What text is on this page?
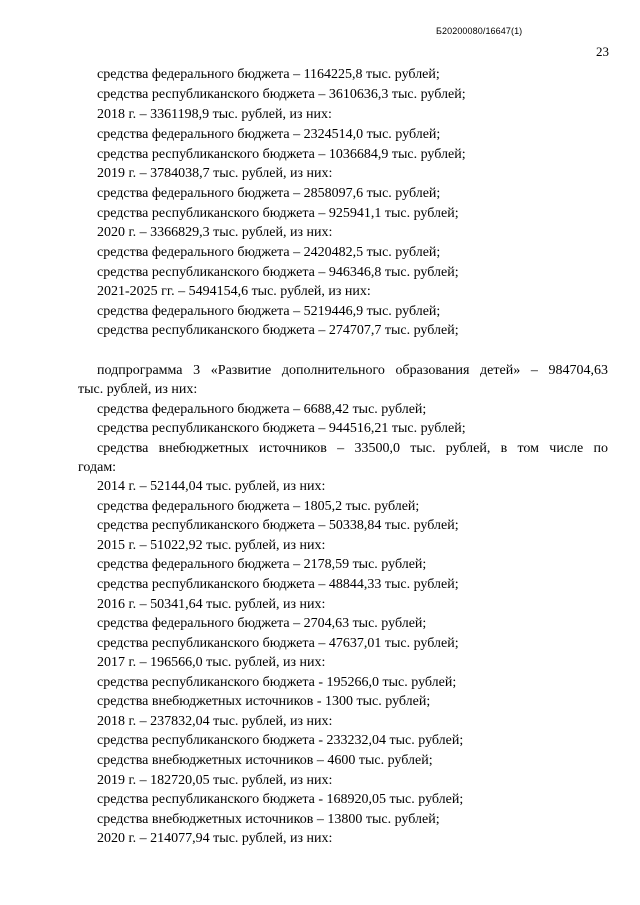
Б20200080/16647(1)
23
средства федерального бюджета – 1164225,8 тыс. рублей;
средства республиканского бюджета – 3610636,3 тыс. рублей;
2018 г. – 3361198,9 тыс. рублей, из них:
средства федерального бюджета – 2324514,0 тыс. рублей;
средства республиканского бюджета – 1036684,9 тыс. рублей;
2019 г. – 3784038,7 тыс. рублей, из них:
средства федерального бюджета – 2858097,6 тыс. рублей;
средства республиканского бюджета – 925941,1 тыс. рублей;
2020 г. – 3366829,3 тыс. рублей, из них:
средства федерального бюджета – 2420482,5 тыс. рублей;
средства республиканского бюджета – 946346,8 тыс. рублей;
2021-2025 гг. – 5494154,6 тыс. рублей, из них:
средства федерального бюджета – 5219446,9 тыс. рублей;
средства республиканского бюджета – 274707,7 тыс. рублей;
подпрограмма 3 «Развитие дополнительного образования детей» – 984704,63
тыс. рублей, из них:
средства федерального бюджета – 6688,42 тыс. рублей;
средства республиканского бюджета – 944516,21 тыс. рублей;
средства внебюджетных источников – 33500,0 тыс. рублей, в том числе по
годам:
2014 г. – 52144,04 тыс. рублей, из них:
средства федерального бюджета – 1805,2 тыс. рублей;
средства республиканского бюджета – 50338,84 тыс. рублей;
2015 г. – 51022,92 тыс. рублей, из них:
средства федерального бюджета – 2178,59 тыс. рублей;
средства республиканского бюджета – 48844,33 тыс. рублей;
2016 г. – 50341,64 тыс. рублей, из них:
средства федерального бюджета – 2704,63 тыс. рублей;
средства республиканского бюджета – 47637,01 тыс. рублей;
2017 г. – 196566,0 тыс. рублей, из них:
средства республиканского бюджета - 195266,0 тыс. рублей;
средства внебюджетных источников - 1300 тыс. рублей;
2018 г. – 237832,04 тыс. рублей, из них:
средства республиканского бюджета - 233232,04 тыс. рублей;
средства внебюджетных источников – 4600 тыс. рублей;
2019 г. – 182720,05 тыс. рублей, из них:
средства республиканского бюджета - 168920,05 тыс. рублей;
средства внебюджетных источников – 13800 тыс. рублей;
2020 г. – 214077,94 тыс. рублей, из них:
